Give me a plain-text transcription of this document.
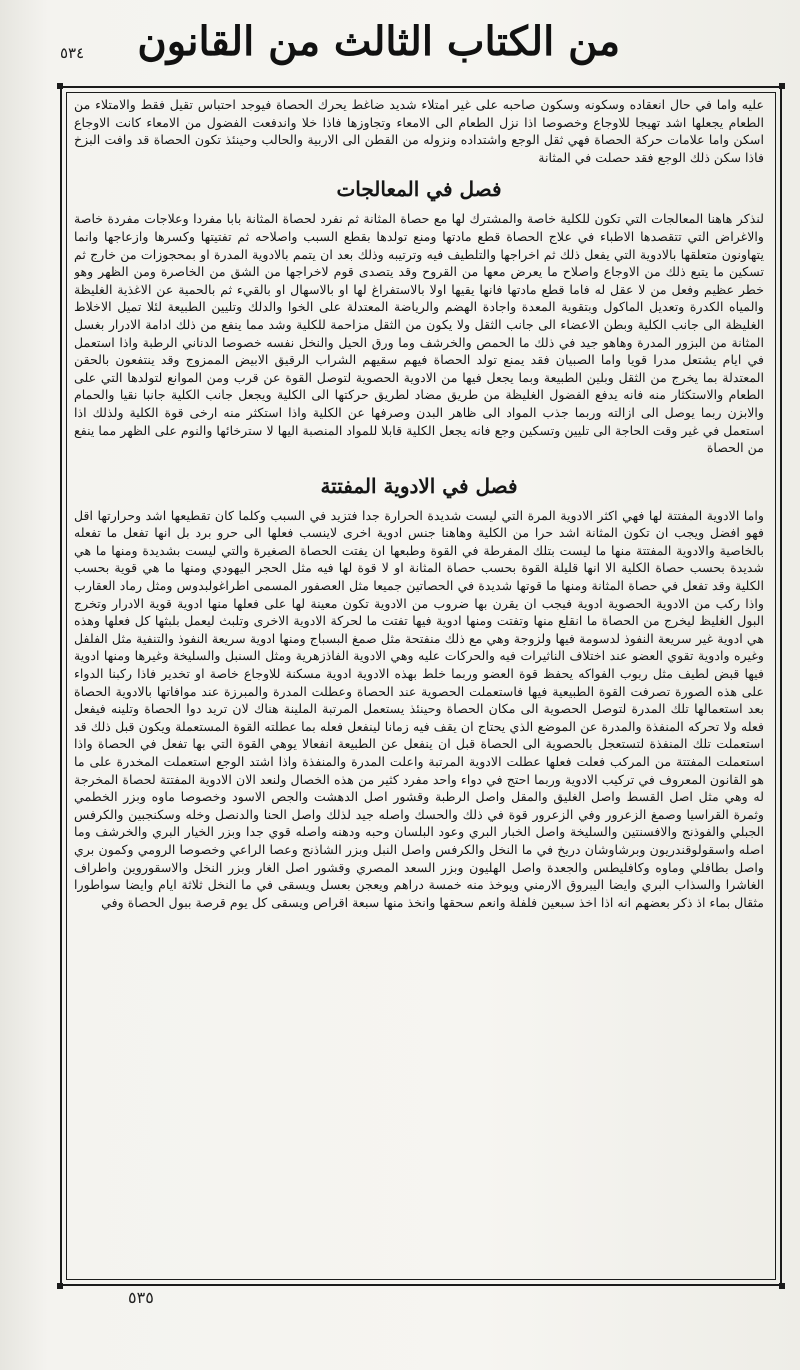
٥٣٤ من الكتاب الثالث من القانون

عليه واما في حال انعقاده وسكونه وسكون صاحبه على غير امتلاء شديد ضاغط يحرك الحصاة فيوجد احتباس تقيل فقط والامتلاء من الطعام يجعلها اشد تهيجا للاوجاع وخصوصا اذا نزل الطعام الى الامعاء وتجاوزها فاذا خلا واندفعت الفضول من الامعاء كانت الاوجاع اسكن واما علامات حركة الحصاة فهي ثقل الوجع واشتداده ونزوله من القطن الى الاربية والحالب وحينئذ تكون الحصاة قد وافت البزخ فاذا سكن ذلك الوجع فقد حصلت في المثانة

فصل في المعالجات

لنذكر هاهنا المعالجات التي تكون للكلية خاصة والمشترك لها مع حصاة المثانة ثم نفرد لحصاة المثانة بابا مفردا وعلاجات مفردة خاصة والاغراض التي تتقصدها الاطباء في علاج الحصاة قطع مادتها ومنع تولدها بقطع السبب واصلاحه ثم تفتيتها وكسرها وازعاجها وانما يتهاونون متعلقها بالادوية التي يفعل ذلك ثم اخراجها والتلطيف فيه وترتيبه وذلك بعد ان يتمم بالادوية المدرة او بمحجوزات من خارج ثم تسكين ما يتبع ذلك من الاوجاع واصلاح ما يعرض معها من القروح وقد يتصدى قوم لاخراجها من الشق من الخاصرة ومن الظهر وهو خطر عظيم وفعل من لا عقل له فاما قطع مادتها فانها يقيها اولا بالاستفراغ لها او بالاسهال او بالقيء ثم بالحمية عن الاغذية الغليظة والمياه الكدرة وتعديل الماكول وبتقوية المعدة واجادة الهضم والرياضة المعتدلة على الخوا والدلك وتليين الطبيعة لئلا تميل الاخلاط الغليظة الى جانب الكلية وبطن الاعضاء الى جانب الثقل ولا يكون من الثقل مزاحمة للكلية وشد مما ينفع من ذلك ادامة الادرار بغسل المثانة من البزور المدرة وهاهو جيد في ذلك ما الحمص والخرشف وما ورق الحيل والنخل نفسه خصوصا الدناني الرطبة واذا استعمل في ايام يشتعل مدرا قويا واما الصبيان فقد يمنع تولد الحصاة فيهم سقيهم الشراب الرقيق الابيض الممزوج وقد ينتفعون بالحقن المعتدلة بما يخرج من الثقل وبلين الطبيعة وبما يجعل فيها من الادوية الحصوية لتوصل القوة عن قرب ومن الموانع لتولدها التي على الطعام والاستكثار منه فانه يدفع الفضول الغليظة من طريق مضاد لطريق حركتها الى الكلية ويجعل جانب الكلية جانبا نقيا والحمام والابزن ربما يوصل الى ازالته وربما جذب المواد الى ظاهر البدن وصرفها عن الكلية واذا استكثر منه ارخى قوة الكلية ولذلك اذا استعمل في غير وقت الحاجة الى تليين وتسكين وجع فانه يجعل الكلية قابلا للمواد المنصبة اليها لا سترخائها والنوم على الظهر مما ينفع من الحصاة

فصل في الادوية المفتتة

واما الادوية المفتتة لها فهي اكثر الادوية المرة التي ليست شديدة الحرارة جدا فتزيد في السبب وكلما كان تقطيعها اشد وحرارتها اقل فهو افضل ويجب ان تكون المثانة اشد حرا من الكلية وهاهنا جنس ادوية اخرى لاينسب فعلها الى حرو برد بل انها تفعل ما تفعله بالخاصية والادوية المفتتة منها ما ليست بتلك المفرطة في القوة وطبعها ان يفتت الحصاة الصغيرة والتي ليست بشديدة ومنها ما هي شديدة بحسب حصاة الكلية الا انها قليلة القوة بحسب حصاة المثانة او لا قوة لها فيه مثل الحجر اليهودي ومنها ما هي قوية بحسب الكلية وقد تفعل في حصاة المثانة ومنها ما قوتها شديدة في الحصاتين جميعا مثل العصفور المسمى اطراغولبدوس ومثل رماد العقارب واذا ركب من الادوية الحصوية ادوية فيجب ان يقرن بها ضروب من الادوية تكون معينة لها على فعلها منها ادوية قوية الادرار وتخرج البول الغليظ ليخرج من الحصاة ما انقلع منها وتفتت ومنها ادوية فيها تفتت ما لحركة الادوية الاخرى وتلبث ليعمل بلبثها كل فعلها وهذه هي ادوية غير سريعة النفوذ لدسومة فيها ولزوجة وهي مع ذلك منفتحة مثل صمغ البسباج ومنها ادوية سريعة النفوذ والتنفية مثل الفلفل وغيره وادوية تقوي العضو عند اختلاف الناثيرات فيه والحركات عليه وهي الادوية الفاذزهرية ومثل السنبل والسليخة وغيرها ومنها ادوية فيها قبض لطيف مثل ربوب الفواكه يحفظ قوة العضو وربما خلط بهذه الادوية ادوية مسكنة للاوجاع خاصة او تخدير فاذا ركبنا الدواء على هذه الصورة تصرفت القوة الطبيعية فيها فاستعملت الحصوية عند الحصاة وعطلت المدرة والمبرزة عند موافاتها بالادوية الحصاة بعد استعمالها تلك المدرة لتوصل الحصوية الى مكان الحصاة وحينئذ يستعمل المرتبة الملينة هناك لان تريد دوا الحصاة وتلينه فيفعل فعله ولا تحركه المنفذة والمدرة عن الموضع الذي يحتاج ان يقف فيه زمانا لينفعل فعله بما عطلته القوة المستعملة ويكون قبل ذلك قد استعملت تلك المنفذة لتستعجل بالحصوية الى الحصاة قبل ان ينفعل عن الطبيعة انفعالا يوهي القوة التي بها تفعل في الحصاة واذا استعملت المفتتة من المركب فعلت فعلها عطلت الادوية المرتبة واعلت المدرة والمنفذة واذا اشتد الوجع استعملت المخدرة على ما هو القانون المعروف في تركيب الادوية وربما احتج في دواء واحد مفرد كثير من هذه الخصال ولنعد الان الادوية المفتتة لحصاة المخرجة له وهي مثل اصل القسط واصل الغليق والمقل واصل الرطبة وقشور اصل الدهشت والجص الاسود وخصوصا ماوه وبزر الخطمي وثمرة القراسيا وصمغ الزعرور وفي الزعرور قوة في ذلك والحسك واصله جيد لذلك واصل الحنا والدنصل وخله وسكنجبين والكرفس الجبلي والفوذنج والافسنتين والسليخة واصل الخبار البري وعود البلسان وحبه ودهنه واصله قوي جدا وبزر الخيار البري والخرشف وما اصله واسقولوقندريون وبرشاوشان دريخ في ما النخل والكرفس واصل النبل وبزر الشاذنج وعصا الراعي وخصوصا الرومي وكمون بري واصل بطافلي وماوه وكافليطس والجعدة واصل الهليون وبزر السعد المصري وقشور اصل الغار وبزر النخل والاسقوروين واطراف الغاشرا والسذاب البري وايضا اليبروق الارمني ويوخذ منه خمسة دراهم ويعجن بعسل ويسقى في ما النخل ثلاثة ايام وايضا سواطورا مثقال بماء اذ ذكر بعضهم انه اذا اخذ سبعين فلفلة وانعم سحقها وانخذ منها سبعة اقراص ويسقى كل يوم قرصة ببول الحصاة وفي

٥٣٥
